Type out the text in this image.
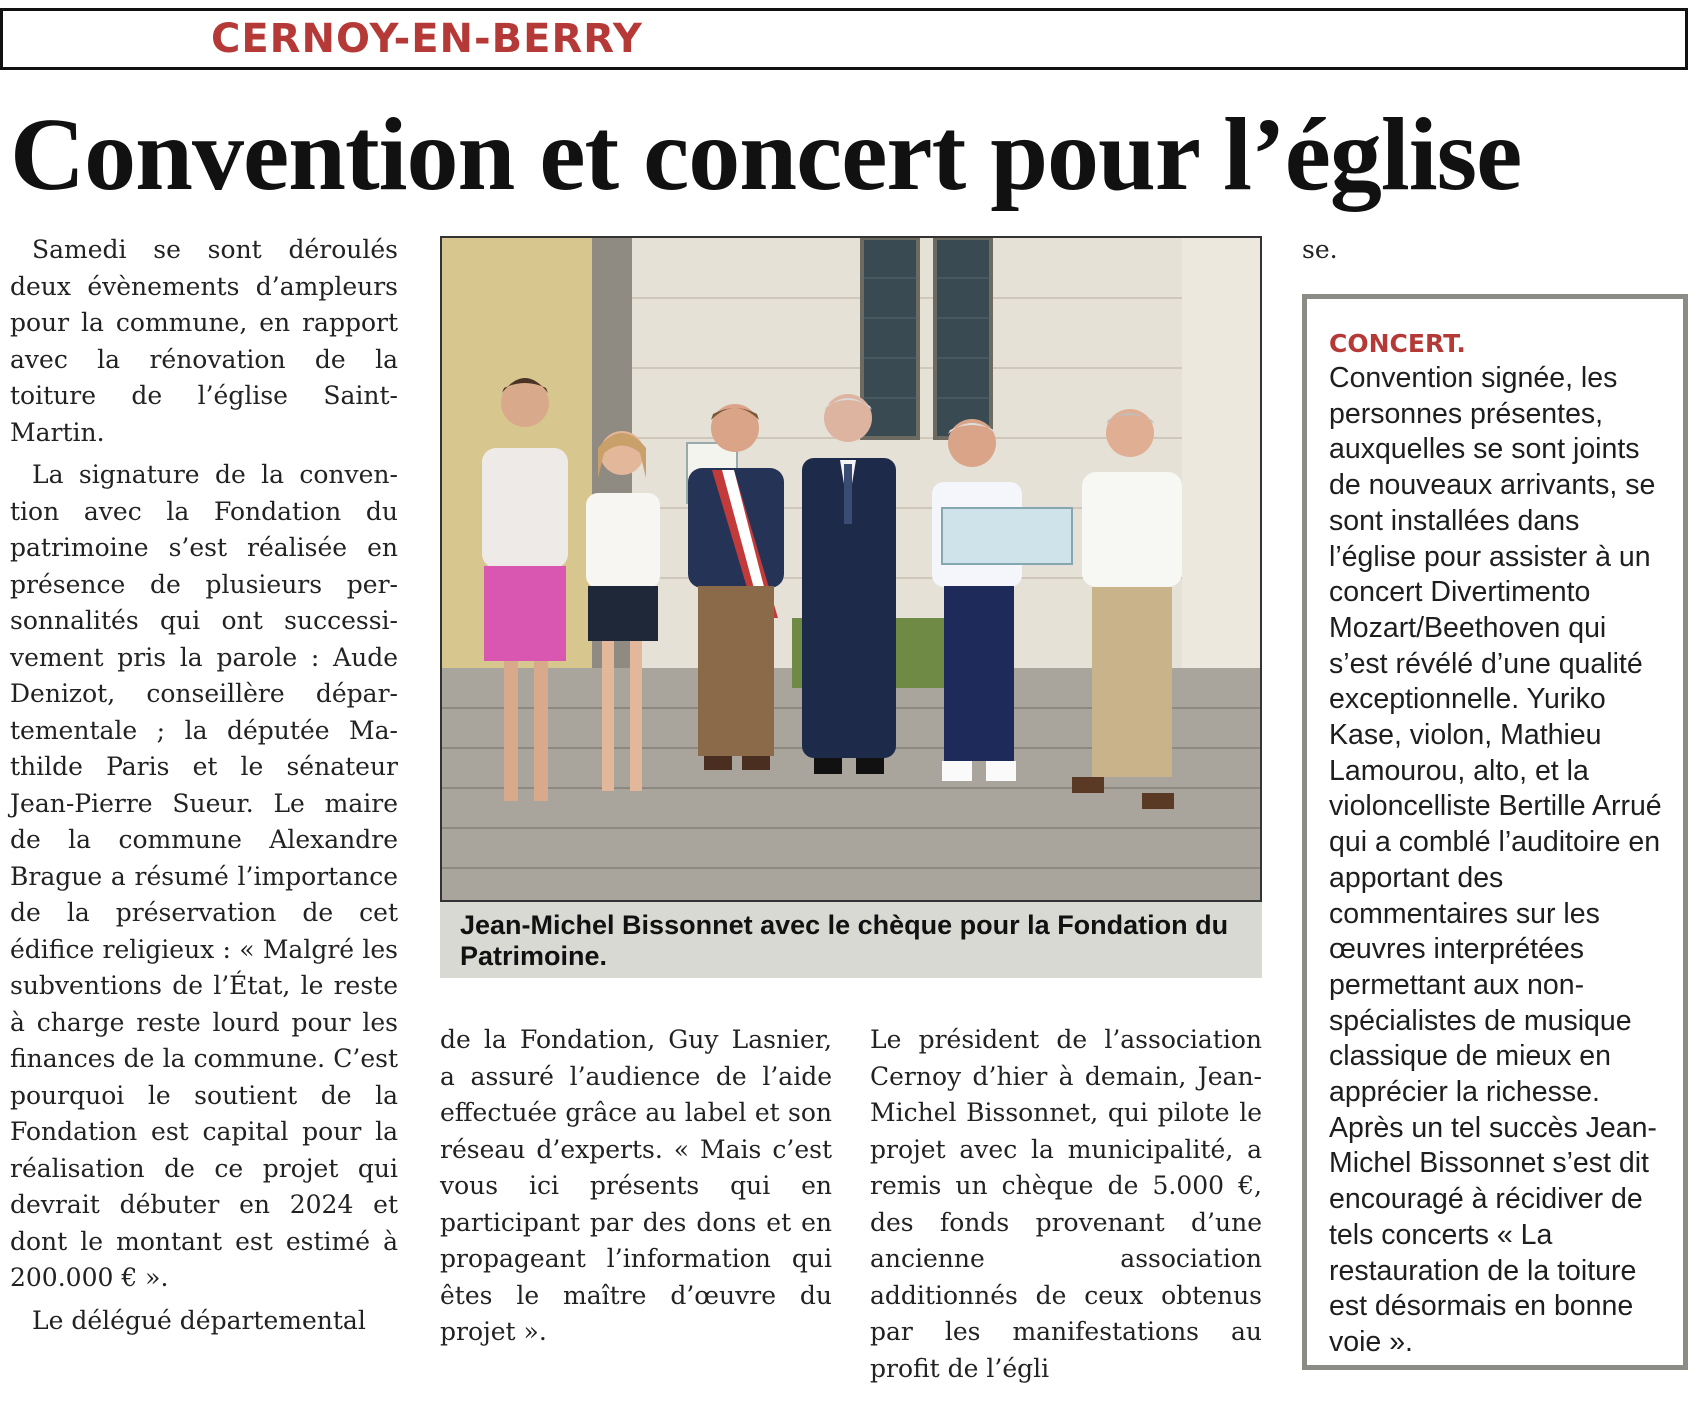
CERNOY-EN-BERRY
Convention et concert pour l’église

Samedi se sont déroulés deux évènements d’ampleurs pour la commune, en rapport avec la rénovation de la toiture de l’église Saint-Martin.

La signature de la convention avec la Fondation du patrimoine s’est réalisée en présence de plusieurs personnalités qui ont successivement pris la parole : Aude Denizot, conseillère départementale ; la députée Mathilde Paris et le sénateur Jean-Pierre Sueur. Le maire de la commune Alexandre Brague a résumé l’importance de la préservation de cet édifice religieux : « Malgré les subventions de l’État, le reste à charge reste lourd pour les finances de la commune. C’est pourquoi le soutient de la Fondation est capital pour la réalisation de ce projet qui devrait débuter en 2024 et dont le montant est estimé à 200.000 € ».

Le délégué départemental

Jean-Michel Bissonnet avec le chèque pour la Fondation du Patrimoine.

de la Fondation, Guy Lasnier, a assuré l’audience de l’aide effectuée grâce au label et son réseau d’experts. « Mais c’est vous ici présents qui en participant par des dons et en propageant l’information qui êtes le maître d’œuvre du projet ».

Le président de l’association Cernoy d’hier à demain, Jean-Michel Bissonnet, qui pilote le projet avec la municipalité, a remis un chèque de 5.000 €, des fonds provenant d’une ancienne association additionnés de ceux obtenus par les manifestations au profit de l’égli

se.
CONCERT.
Convention signée, les personnes présentes, auxquelles se sont joints de nouveaux arrivants, se sont installées dans l’église pour assister à un concert Divertimento Mozart/Beethoven qui s’est révélé d’une qualité exceptionnelle. Yuriko Kase, violon, Mathieu Lamourou, alto, et la violoncelliste Bertille Arrué qui a comblé l’auditoire en apportant des commentaires sur les œuvres interprétées permettant aux non-spécialistes de musique classique de mieux en apprécier la richesse. Après un tel succès Jean-Michel Bissonnet s’est dit encouragé à récidiver de tels concerts « La restauration de la toiture est désormais en bonne voie ».
